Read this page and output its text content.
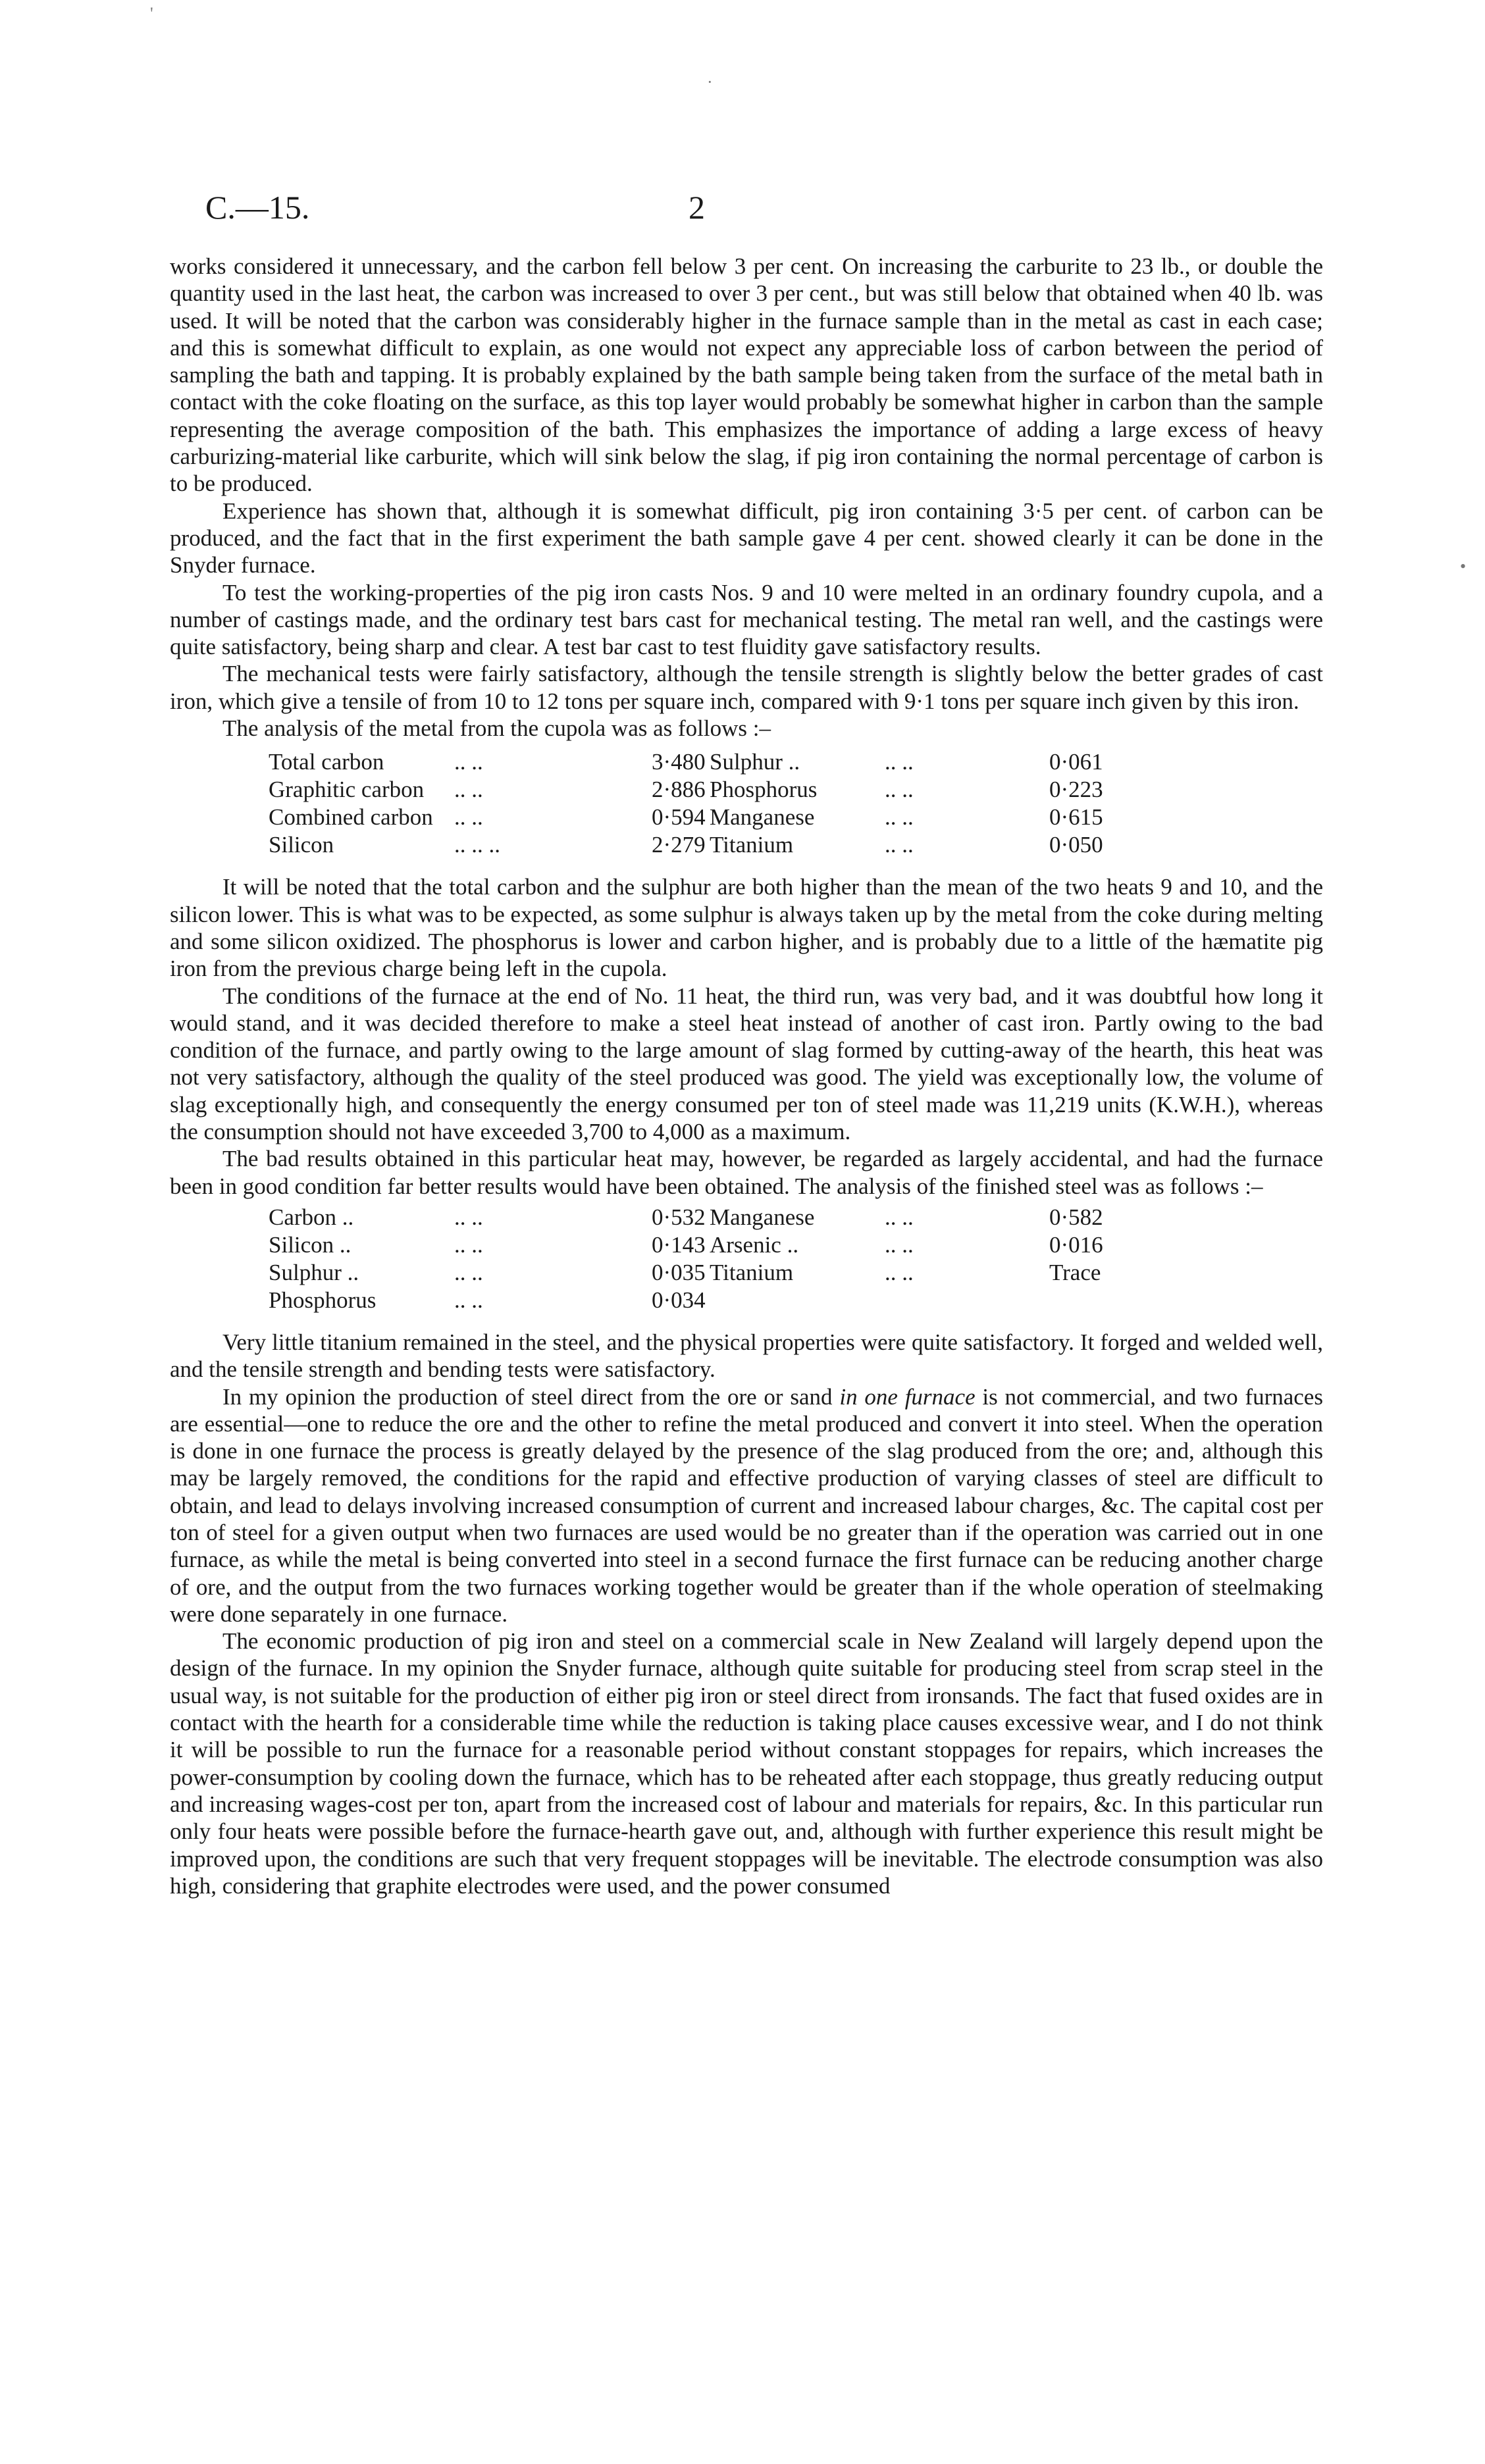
C.—15.	2

works considered it unnecessary, and the carbon fell below 3 per cent. On increasing the carburite to 23 lb., or double the quantity used in the last heat, the carbon was increased to over 3 per cent., but was still below that obtained when 40 lb. was used. It will be noted that the carbon was considerably higher in the furnace sample than in the metal as cast in each case; and this is somewhat difficult to explain, as one would not expect any appreciable loss of carbon between the period of sampling the bath and tapping. It is probably explained by the bath sample being taken from the surface of the metal bath in contact with the coke floating on the surface, as this top layer would probably be somewhat higher in carbon than the sample representing the average composition of the bath. This emphasizes the importance of adding a large excess of heavy carburizing-material like carburite, which will sink below the slag, if pig iron containing the normal percentage of carbon is to be produced.

Experience has shown that, although it is somewhat difficult, pig iron containing 3·5 per cent. of carbon can be produced, and the fact that in the first experiment the bath sample gave 4 per cent. showed clearly it can be done in the Snyder furnace.

To test the working-properties of the pig iron casts Nos. 9 and 10 were melted in an ordinary foundry cupola, and a number of castings made, and the ordinary test bars cast for mechanical testing. The metal ran well, and the castings were quite satisfactory, being sharp and clear. A test bar cast to test fluidity gave satisfactory results.

The mechanical tests were fairly satisfactory, although the tensile strength is slightly below the better grades of cast iron, which give a tensile of from 10 to 12 tons per square inch, compared with 9·1 tons per square inch given by this iron.

The analysis of the metal from the cupola was as follows :–

Total carbon	.. ..	3·480 Sulphur ..	.. ..	0·061
Graphitic carbon	.. ..	2·886 Phosphorus	.. ..	0·223
Combined carbon .. ..	0·594 Manganese	.. ..	0·615
Silicon	.. .. ..	2·279 Titanium	.. ..	0·050

It will be noted that the total carbon and the sulphur are both higher than the mean of the two heats 9 and 10, and the silicon lower. This is what was to be expected, as some sulphur is always taken up by the metal from the coke during melting and some silicon oxidized. The phosphorus is lower and carbon higher, and is probably due to a little of the hæmatite pig iron from the previous charge being left in the cupola.

The conditions of the furnace at the end of No. 11 heat, the third run, was very bad, and it was doubtful how long it would stand, and it was decided therefore to make a steel heat instead of another of cast iron. Partly owing to the bad condition of the furnace, and partly owing to the large amount of slag formed by cutting-away of the hearth, this heat was not very satisfactory, although the quality of the steel produced was good. The yield was exceptionally low, the volume of slag exceptionally high, and consequently the energy consumed per ton of steel made was 11,219 units (K.W.H.), whereas the consumption should not have exceeded 3,700 to 4,000 as a maximum.

The bad results obtained in this particular heat may, however, be regarded as largely accidental, and had the furnace been in good condition far better results would have been obtained. The analysis of the finished steel was as follows :–

Carbon ..	.. ..	0·532 Manganese	.. ..	0·582
Silicon ..	.. ..	0·143 Arsenic ..	.. ..	0·016
Sulphur ..	.. ..	0·035 Titanium	.. ..	Trace
Phosphorus	.. ..	0·034

Very little titanium remained in the steel, and the physical properties were quite satisfactory. It forged and welded well, and the tensile strength and bending tests were satisfactory.

In my opinion the production of steel direct from the ore or sand in one furnace is not commercial, and two furnaces are essential—one to reduce the ore and the other to refine the metal produced and convert it into steel. When the operation is done in one furnace the process is greatly delayed by the presence of the slag produced from the ore; and, although this may be largely removed, the conditions for the rapid and effective production of varying classes of steel are difficult to obtain, and lead to delays involving increased consumption of current and increased labour charges, &c. The capital cost per ton of steel for a given output when two furnaces are used would be no greater than if the operation was carried out in one furnace, as while the metal is being converted into steel in a second furnace the first furnace can be reducing another charge of ore, and the output from the two furnaces working together would be greater than if the whole operation of steelmaking were done separately in one furnace.

The economic production of pig iron and steel on a commercial scale in New Zealand will largely depend upon the design of the furnace. In my opinion the Snyder furnace, although quite suitable for producing steel from scrap steel in the usual way, is not suitable for the production of either pig iron or steel direct from ironsands. The fact that fused oxides are in contact with the hearth for a considerable time while the reduction is taking place causes excessive wear, and I do not think it will be possible to run the furnace for a reasonable period without constant stoppages for repairs, which increases the power-consumption by cooling down the furnace, which has to be reheated after each stoppage, thus greatly reducing output and increasing wages-cost per ton, apart from the increased cost of labour and materials for repairs, &c. In this particular run only four heats were possible before the furnace-hearth gave out, and, although with further experience this result might be improved upon, the conditions are such that very frequent stoppages will be inevitable. The electrode consumption was also high, considering that graphite electrodes were used, and the power consumed

'
·
•
